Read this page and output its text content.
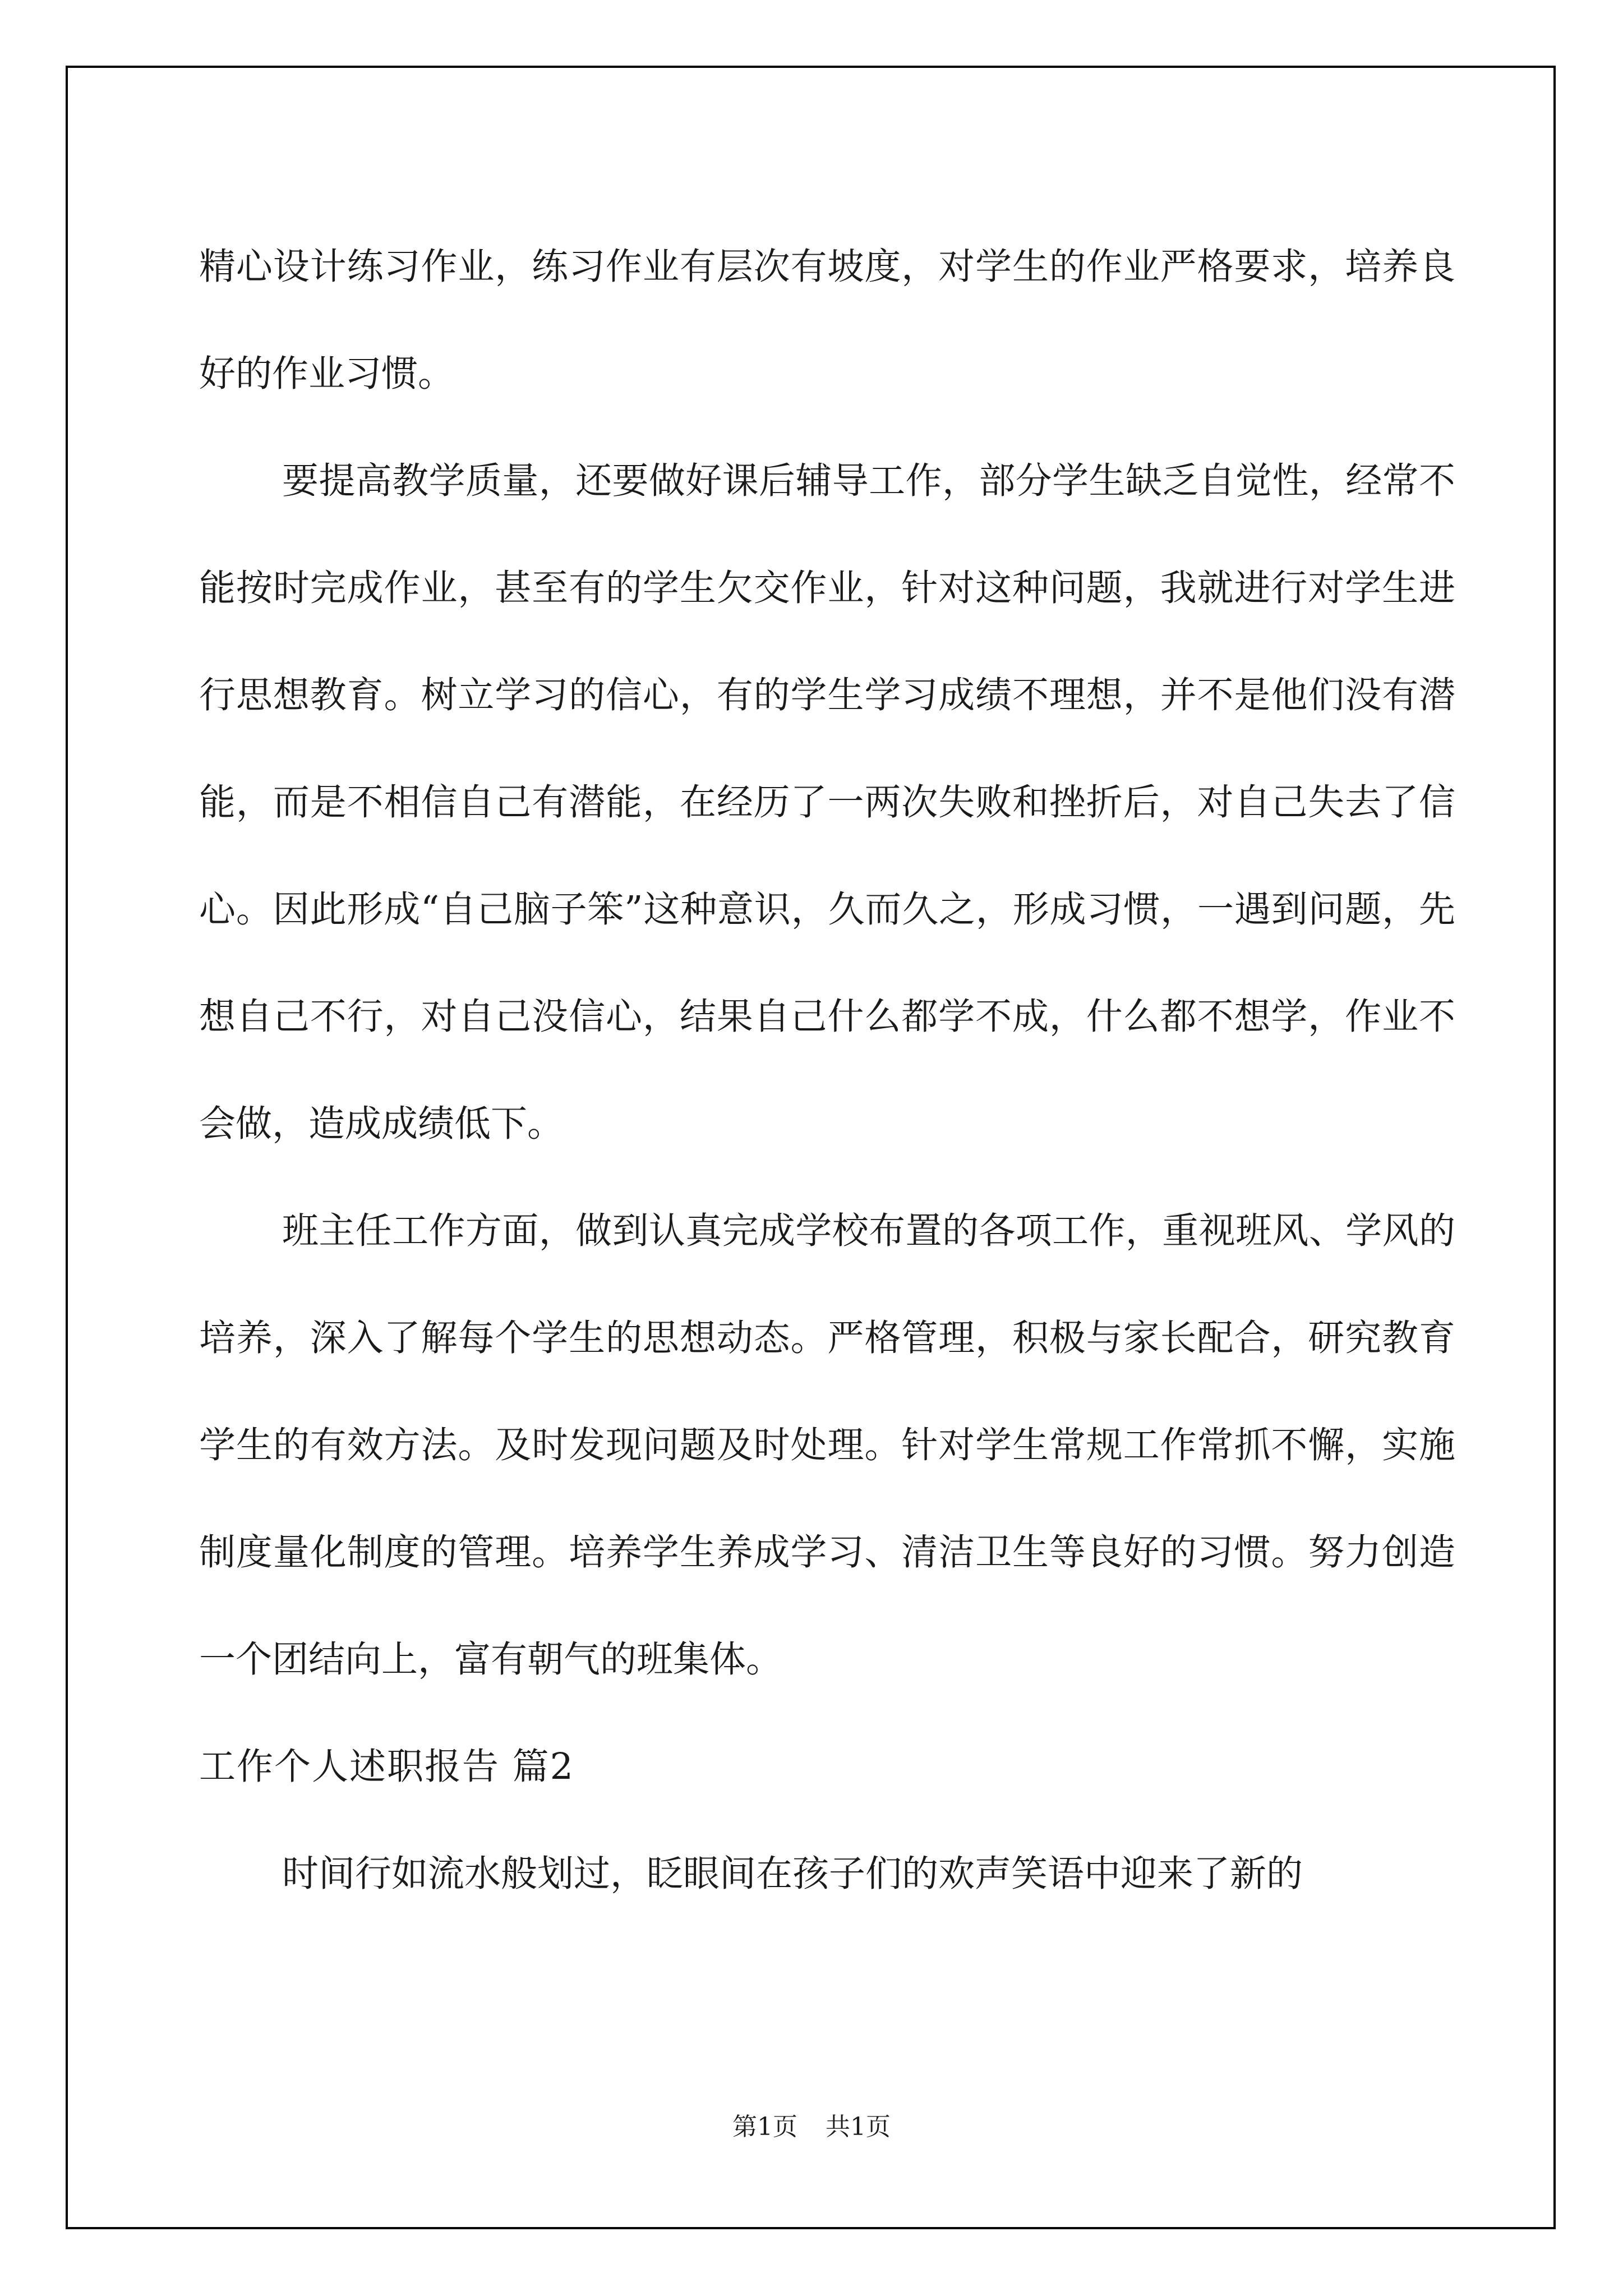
精心设计练习作业，练习作业有层次有坡度，对学生的作业严格要求，培养良好的作业习惯。

要提高教学质量，还要做好课后辅导工作，部分学生缺乏自觉性，经常不能按时完成作业，甚至有的学生欠交作业，针对这种问题，我就进行对学生进行思想教育。树立学习的信心，有的学生学习成绩不理想，并不是他们没有潜能，而是不相信自己有潜能，在经历了一两次失败和挫折后，对自己失去了信心。因此形成“自己脑子笨”这种意识，久而久之，形成习惯，一遇到问题，先想自己不行，对自己没信心，结果自己什么都学不成，什么都不想学，作业不会做，造成成绩低下。

班主任工作方面，做到认真完成学校布置的各项工作，重视班风、学风的培养，深入了解每个学生的思想动态。严格管理，积极与家长配合，研究教育学生的有效方法。及时发现问题及时处理。针对学生常规工作常抓不懈，实施制度量化制度的管理。培养学生养成学习、清洁卫生等良好的习惯。努力创造一个团结向上，富有朝气的班集体。

工作个人述职报告 篇2

时间行如流水般划过，眨眼间在孩子们的欢声笑语中迎来了新的

第1页 共1页
